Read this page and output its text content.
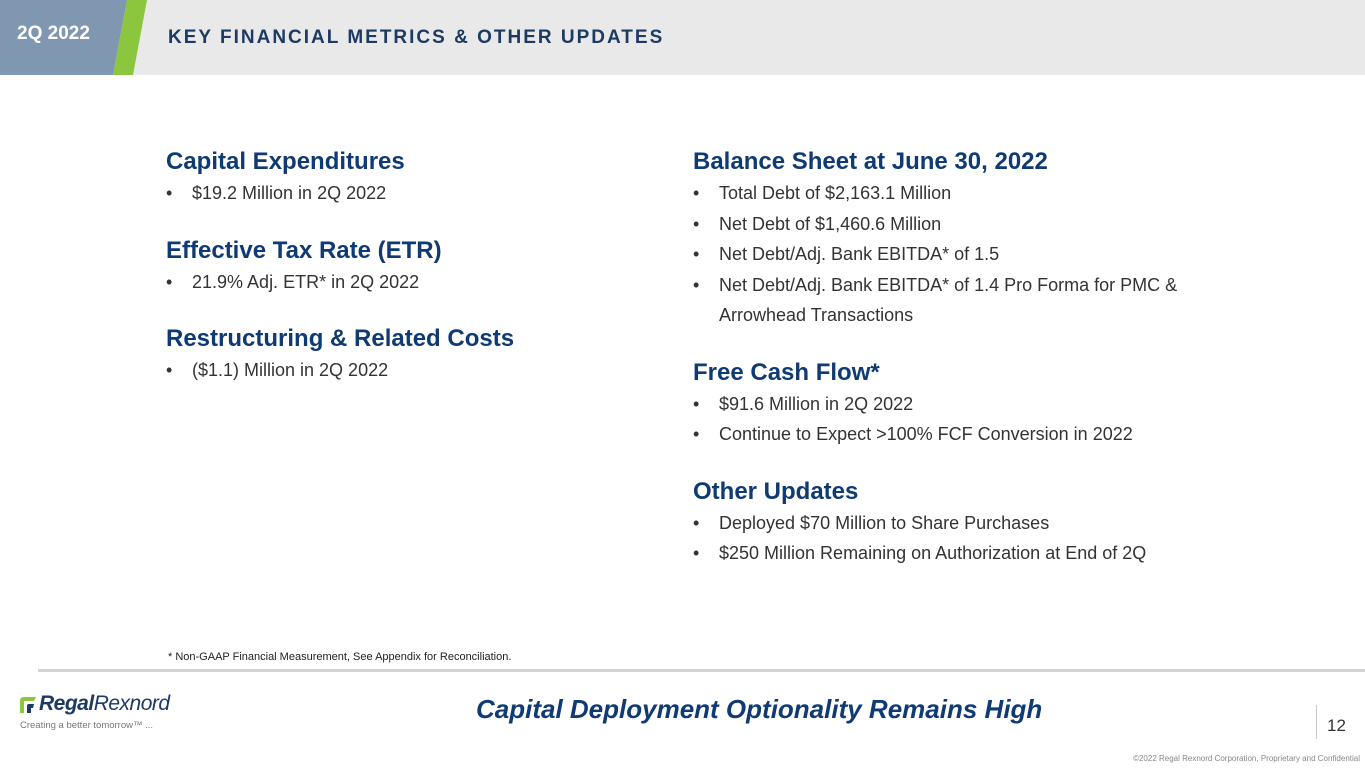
2Q 2022	KEY FINANCIAL METRICS & OTHER UPDATES
Capital Expenditures
• $19.2 Million in 2Q 2022
Effective Tax Rate (ETR)
• 21.9% Adj. ETR* in 2Q 2022
Restructuring & Related Costs
• ($1.1) Million in 2Q 2022
Balance Sheet at June 30, 2022
• Total Debt of $2,163.1 Million
• Net Debt of $1,460.6 Million
• Net Debt/Adj. Bank EBITDA* of 1.5
• Net Debt/Adj. Bank EBITDA* of 1.4 Pro Forma for PMC & Arrowhead Transactions
Free Cash Flow*
• $91.6 Million in 2Q 2022
• Continue to Expect >100% FCF Conversion in 2022
Other Updates
• Deployed $70 Million to Share Purchases
• $250 Million Remaining on Authorization at End of 2Q
* Non-GAAP Financial Measurement, See Appendix for Reconciliation.
RegalRexnord
Creating a better tomorrow™ ...
Capital Deployment Optionality Remains High
12
©2022 Regal Rexnord Corporation, Proprietary and Confidential
